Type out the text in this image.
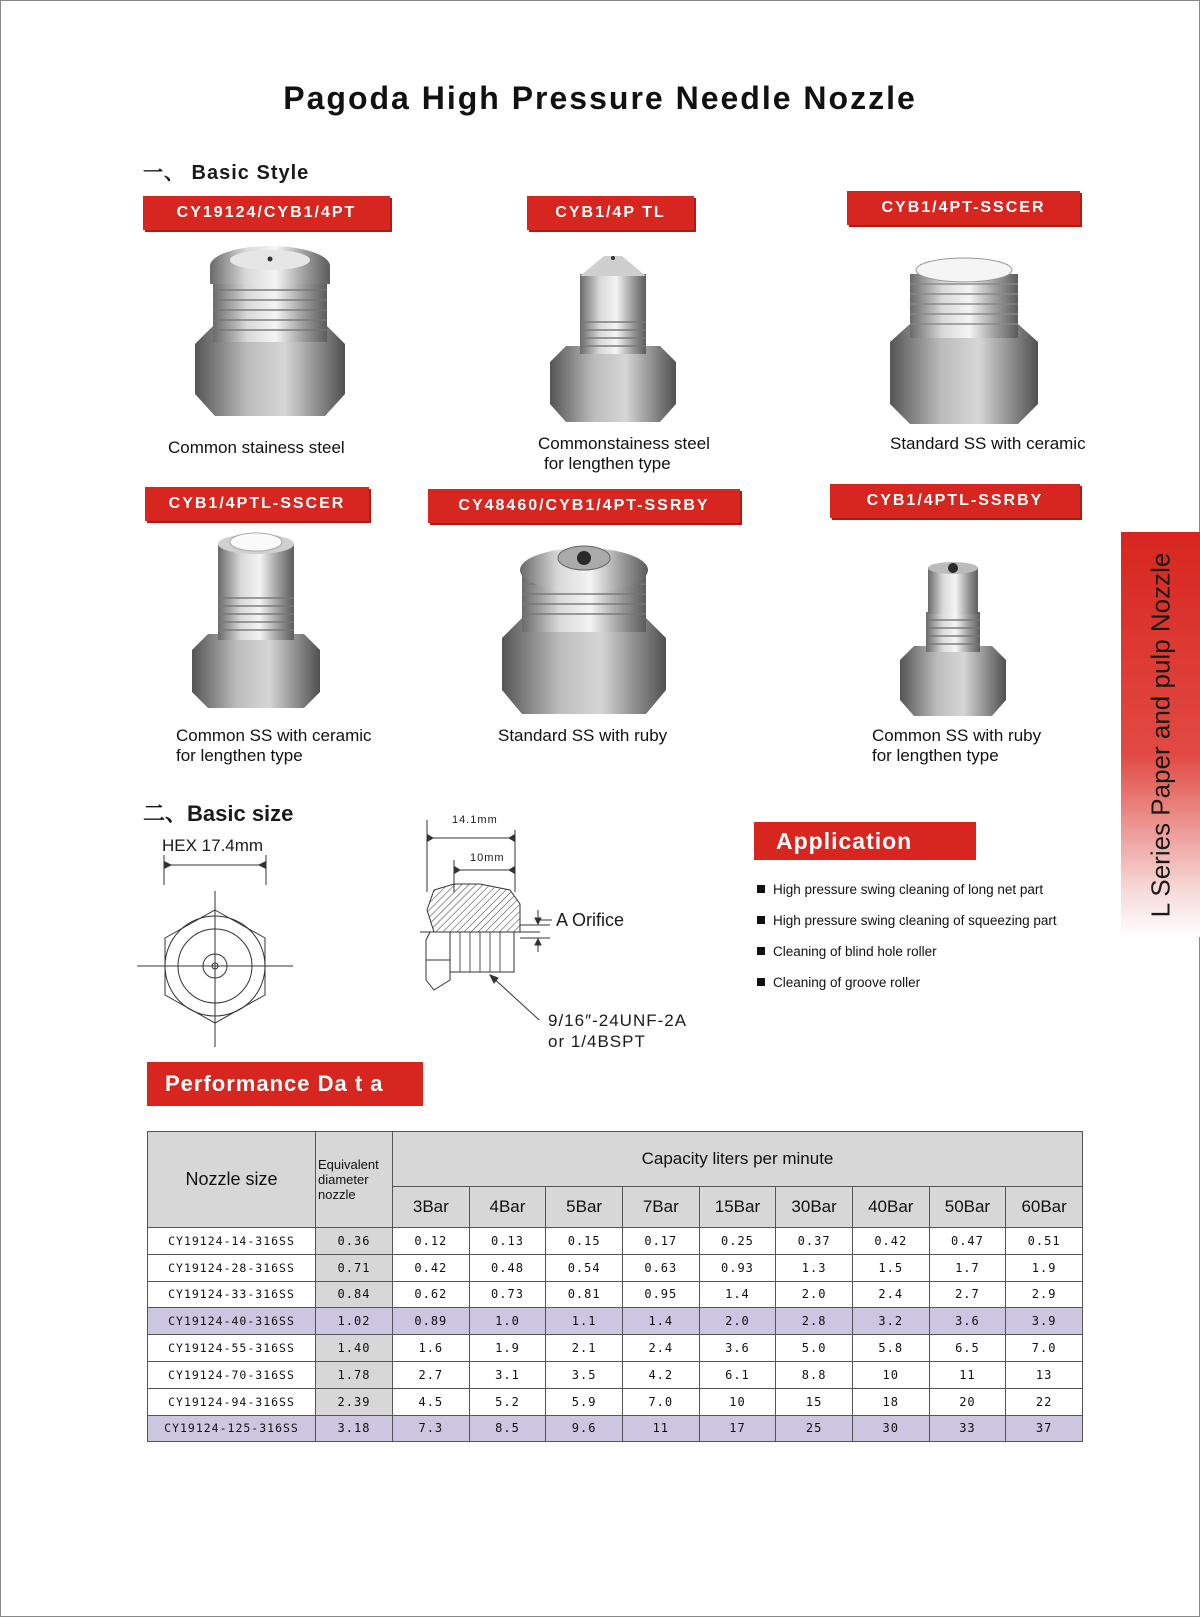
Pagoda High Pressure Needle Nozzle
一、 Basic Style
CY19124/CYB1/4PT	CYB1/4P TL	CYB1/4PT-SSCER
CYB1/4PTL-SSCER	CY48460/CYB1/4PT-SSRBY	CYB1/4PTL-SSRBY
Common stainess steel	Commonstainess steel
for lengthen type
Standard SS with ceramic
Common SS with ceramic
for lengthen type
Standard SS with ruby	Common SS with ruby
for lengthen type	L Series Paper and pulp Nozzle
二、Basic size
HEX 17.4mm
14.1mm
10mm
A Orifice
9/16″-24UNF-2A
or 1/4BSPT
Application
High pressure swing cleaning of long net part
High pressure swing cleaning of squeezing part
Cleaning of blind hole roller
Cleaning of groove roller
Performance Da t a
Nozzle size	Equivalent
diameter
nozzle	Capacity liters per minute								
		3Bar	4Bar	5Bar	7Bar	15Bar	30Bar	40Bar	50Bar	60Bar
CY19124-14-316SS	0.36	0.12	0.13	0.15	0.17	0.25	0.37	0.42	0.47	0.51
CY19124-28-316SS	0.71	0.42	0.48	0.54	0.63	0.93	1.3	1.5	1.7	1.9
CY19124-33-316SS	0.84	0.62	0.73	0.81	0.95	1.4	2.0	2.4	2.7	2.9
CY19124-40-316SS	1.02	0.89	1.0	1.1	1.4	2.0	2.8	3.2	3.6	3.9
CY19124-55-316SS	1.40	1.6	1.9	2.1	2.4	3.6	5.0	5.8	6.5	7.0
CY19124-70-316SS	1.78	2.7	3.1	3.5	4.2	6.1	8.8	10	11	13
CY19124-94-316SS	2.39	4.5	5.2	5.9	7.0	10	15	18	20	22
CY19124-125-316SS	3.18	7.3	8.5	9.6	11	17	25	30	33	37
